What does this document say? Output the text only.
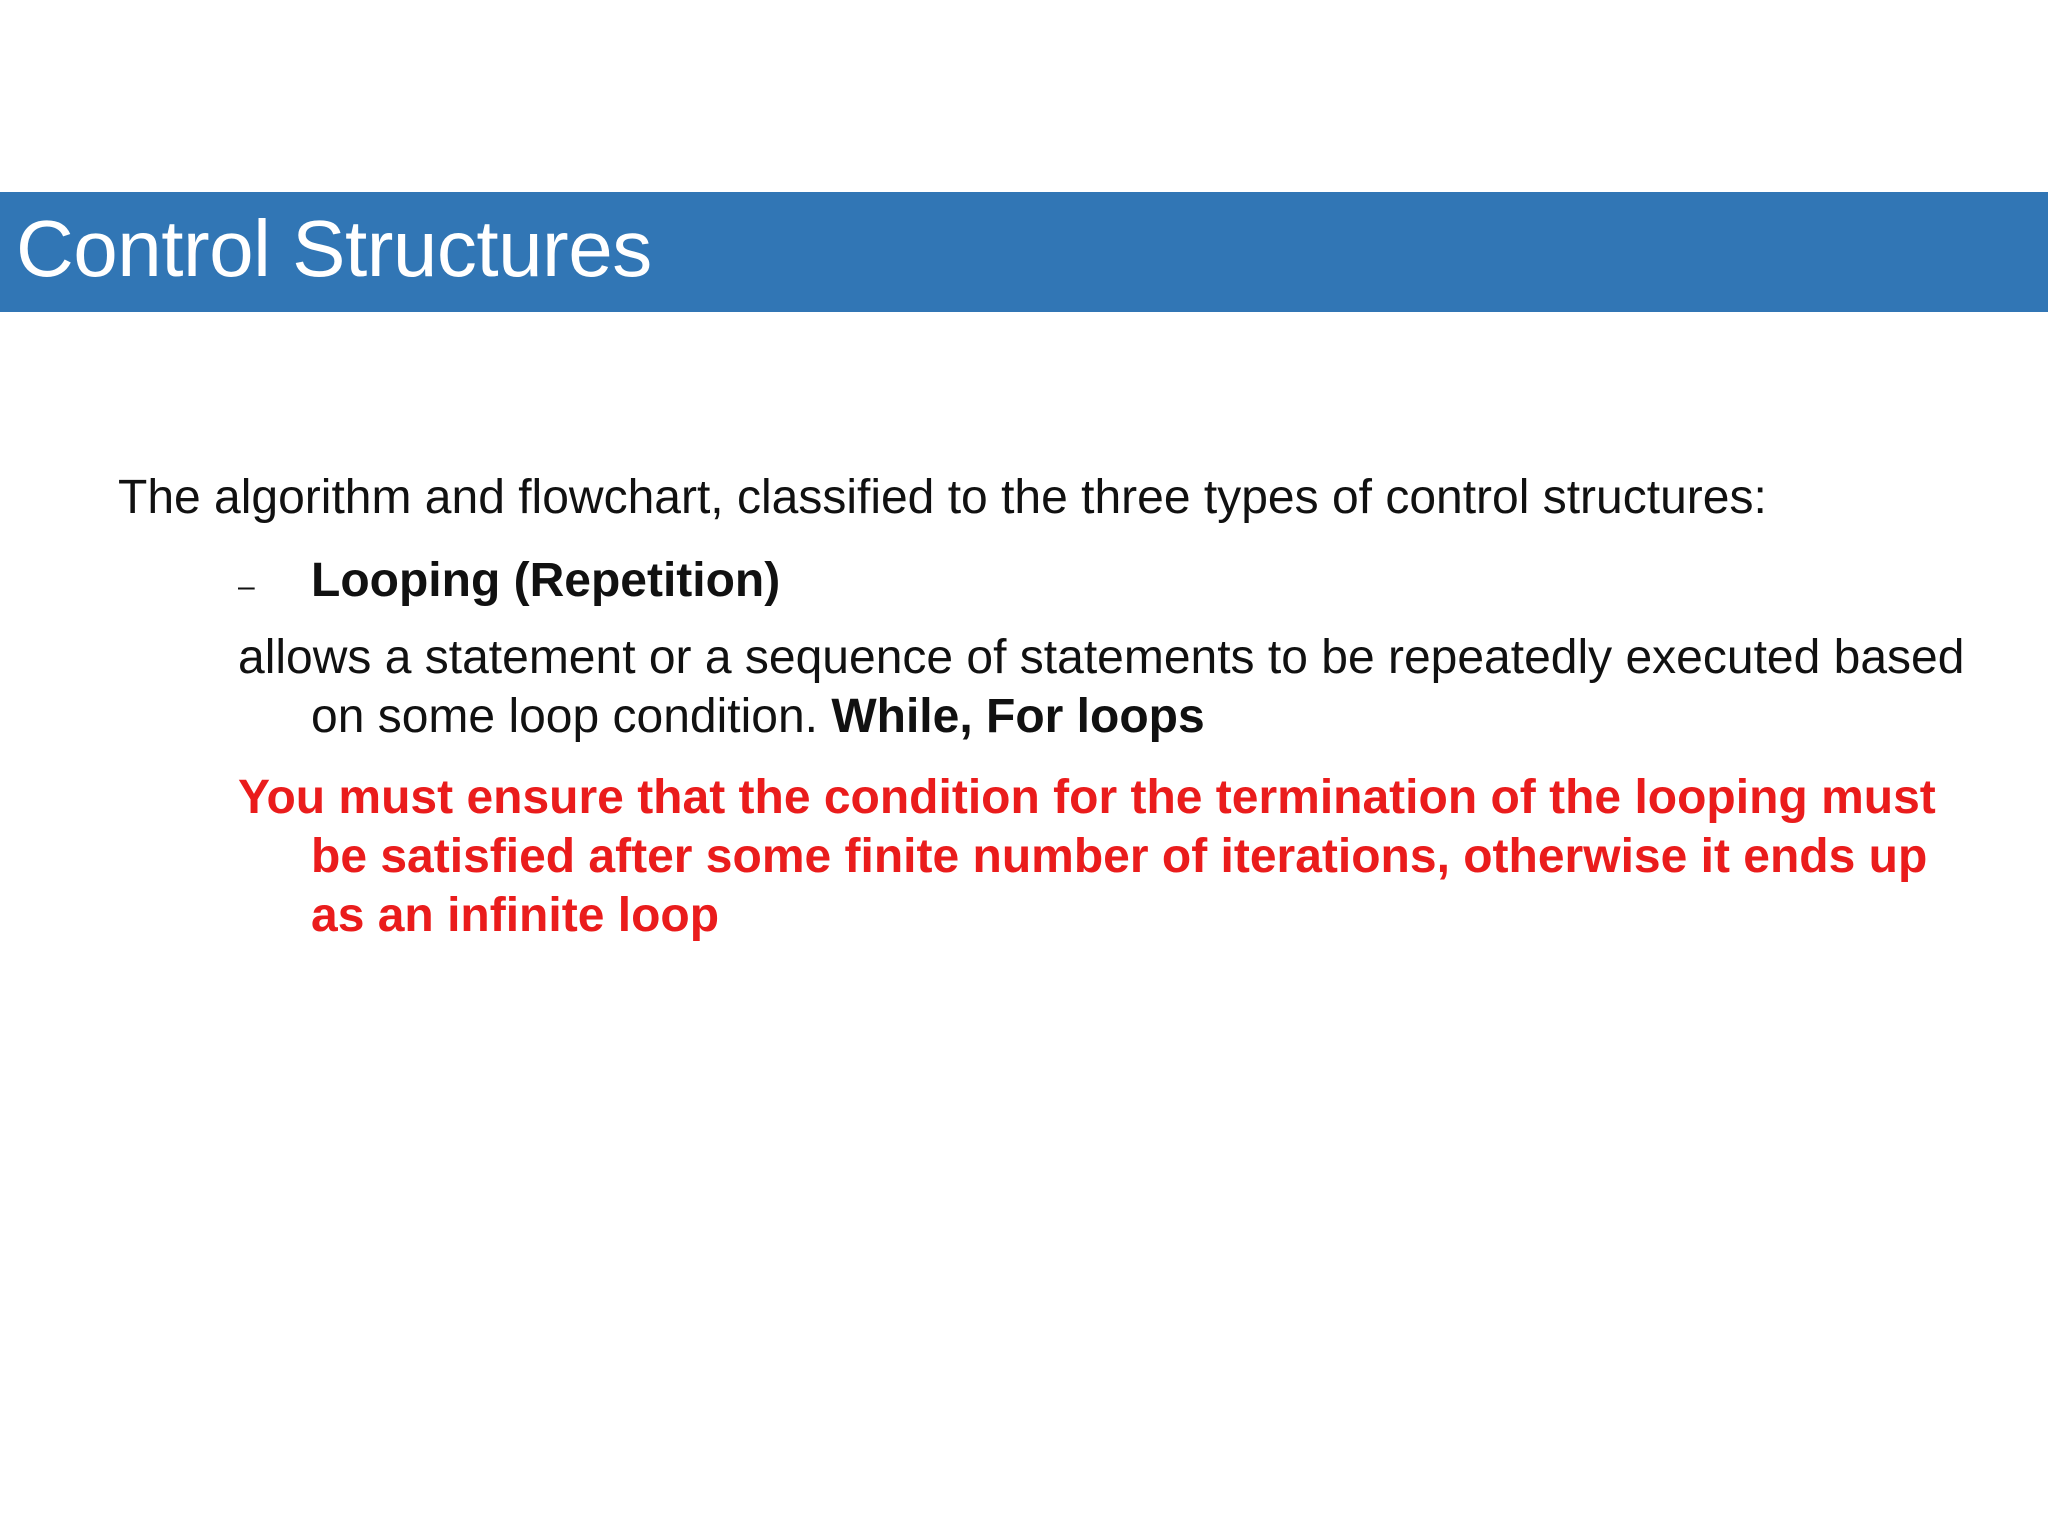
Control Structures

The algorithm and flowchart, classified to the three types of control structures:

– Looping (Repetition)
allows a statement or a sequence of statements to be repeatedly executed based on some loop condition. While, For loops
You must ensure that the condition for the termination of the looping must be satisfied after some finite number of iterations, otherwise it ends up as an infinite loop
